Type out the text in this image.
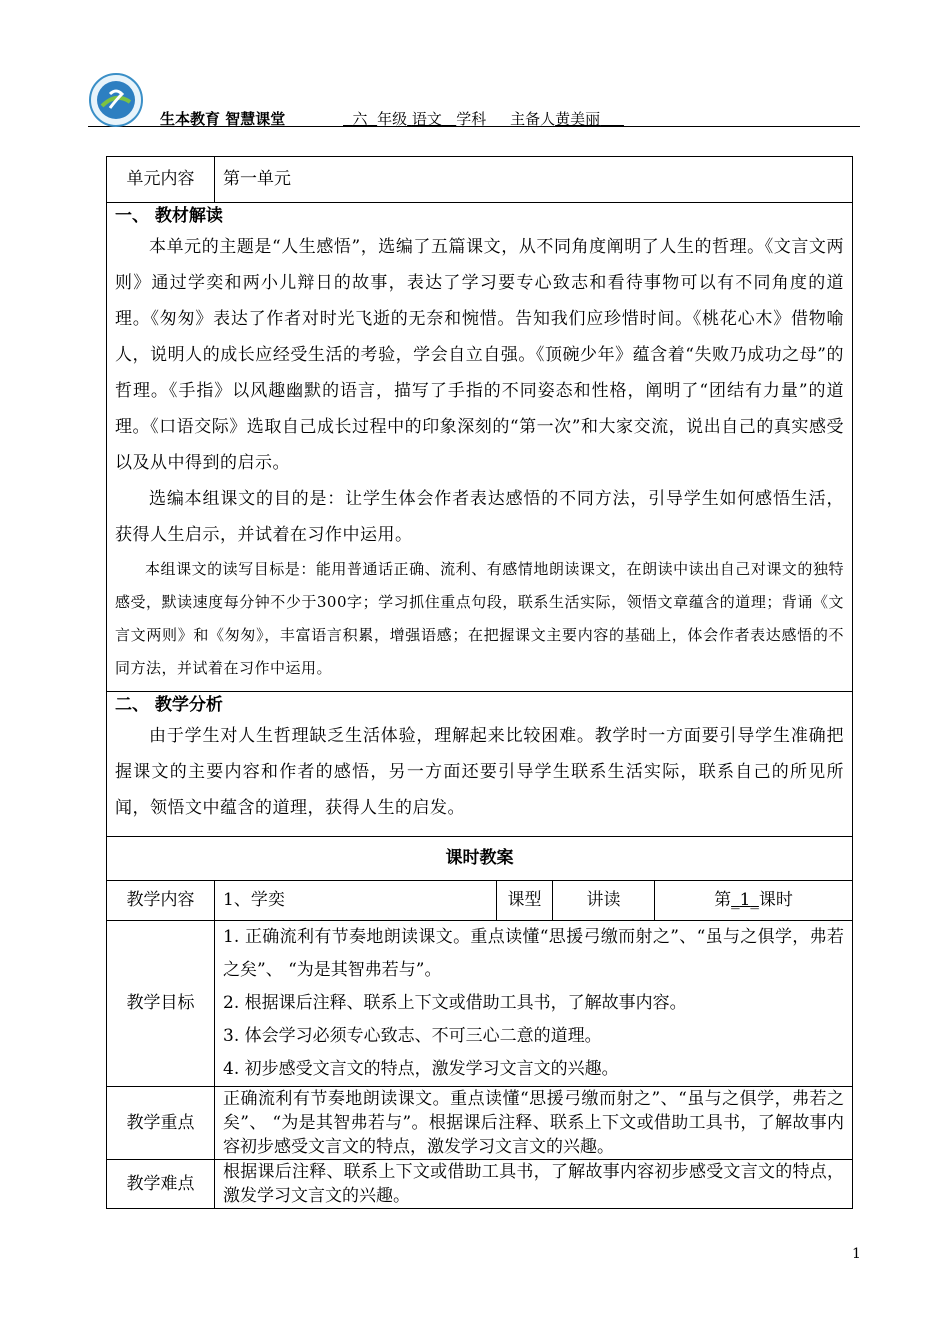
生本教育 智慧课堂	六 年级 语文 学科 主备人黄美丽
单元内容	第一单元			

一、 教材解读

本单元的主题是“人生感悟”，选编了五篇课文，从不同角度阐明了人生的哲理。《文言文两则》通过学奕和两小儿辩日的故事，表达了学习要专心致志和看待事物可以有不同角度的道理。《匆匆》表达了作者对时光飞逝的无奈和惋惜。告知我们应珍惜时间。《桃花心木》借物喻人，说明人的成长应经受生活的考验，学会自立自强。《顶碗少年》蕴含着“失败乃成功之母”的哲理。《手指》以风趣幽默的语言，描写了手指的不同姿态和性格，阐明了“团结有力量”的道理。《口语交际》选取自己成长过程中的印象深刻的“第一次”和大家交流，说出自己的真实感受以及从中得到的启示。

选编本组课文的目的是：让学生体会作者表达感悟的不同方法，引导学生如何感悟生活，获得人生启示，并试着在习作中运用。

本组课文的读写目标是：能用普通话正确、流利、有感情地朗读课文，在朗读中读出自己对课文的独特感受，默读速度每分钟不少于300字；学习抓住重点句段，联系生活实际，领悟文章蕴含的道理；背诵《文言文两则》和《匆匆》，丰富语言积累，增强语感；在把握课文主要内容的基础上，体会作者表达感悟的不同方法，并试着在习作中运用。				

二、 教学分析

由于学生对人生哲理缺乏生活体验，理解起来比较困难。教学时一方面要引导学生准确把握课文的主要内容和作者的感悟，另一方面还要引导学生联系生活实际，联系自己的所见所闻，领悟文中蕴含的道理，获得人生的启发。				

课时教案				
教学内容	1、学奕	课型	讲读	第_1_课时
教学目标	1. 正确流利有节奏地朗读课文。重点读懂“思援弓缴而射之”、“虽与之俱学，弗若之矣”、 “为是其智弗若与”。

2. 根据课后注释、联系上下文或借助工具书，了解故事内容。

3. 体会学习必须专心致志、不可三心二意的道理。

4. 初步感受文言文的特点，激发学习文言文的兴趣。			

教学重点	正确流利有节奏地朗读课文。重点读懂“思援弓缴而射之”、“虽与之俱学，弗若之矣”、 “为是其智弗若与”。根据课后注释、联系上下文或借助工具书，了解故事内容初步感受文言文的特点，激发学习文言文的兴趣。			
教学难点	根据课后注释、联系上下文或借助工具书，了解故事内容初步感受文言文的特点，激发学习文言文的兴趣。			
1
